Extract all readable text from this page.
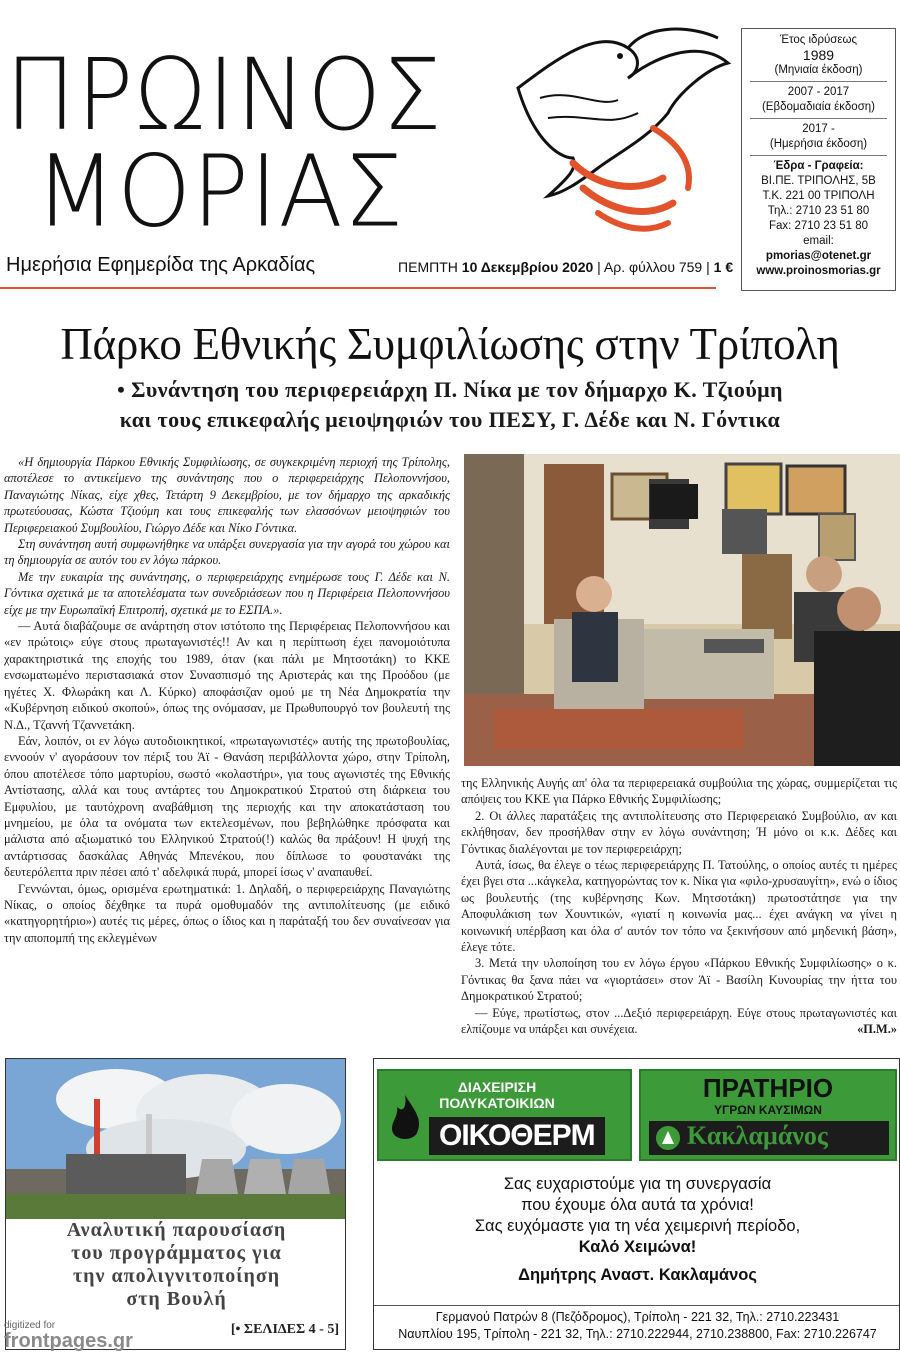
ΠΡΩΙΝΟΣ
ΜΟΡΙΑΣ
Ημερήσια Εφημερίδα της Αρκαδίας	ΠΕΜΠΤΗ 10 Δεκεμβρίου 2020 | Αρ. φύλλου 759 | 1 €
Έτος ιδρύσεως
1989
(Μηνιαία έκδοση)
2007 - 2017
(Εβδομαδιαία έκδοση)
2017 -
(Ημερήσια έκδοση)
Έδρα - Γραφεία:
ΒΙ.ΠΕ. ΤΡΙΠΟΛΗΣ, 5Β
Τ.Κ. 221 00 ΤΡΙΠΟΛΗ
Τηλ.: 2710 23 51 80
Fax: 2710 23 51 80
email:
pmorias@otenet.gr
www.proinosmorias.gr
Πάρκο Εθνικής Συμφιλίωσης στην Τρίπολη
• Συνάντηση του περιφερειάρχη Π. Νίκα με τον δήμαρχο Κ. Τζιούμη
και τους επικεφαλής μειοψηφιών του ΠΕΣΥ, Γ. Δέδε και Ν. Γόντικα

«Η δημιουργία Πάρκου Εθνικής Συμφιλίωσης, σε συγκεκριμένη περιοχή της Τρίπολης, αποτέλεσε το αντικείμενο της συνάντησης που ο περιφερειάρχης Πελοποννήσου, Παναγιώτης Νίκας, είχε χθες, Τετάρτη 9 Δεκεμβρίου, με τον δήμαρχο της αρκαδικής πρωτεύουσας, Κώστα Τζιούμη και τους επικεφαλής των ελασσόνων μειοψηφιών του Περιφερειακού Συμβουλίου, Γιώργο Δέδε και Νίκο Γόντικα.

Στη συνάντηση αυτή συμφωνήθηκε να υπάρξει συνεργασία για την αγορά του χώρου και τη δημιουργία σε αυτόν του εν λόγω πάρκου.

Με την ευκαιρία της συνάντησης, ο περιφερειάρχης ενημέρωσε τους Γ. Δέδε και Ν. Γόντικα σχετικά με τα αποτελέσματα των συνεδριάσεων που η Περιφέρεια Πελοποννήσου είχε με την Ευρωπαϊκή Επιτροπή, σχετικά με το ΕΣΠΑ.».

— Αυτά διαβάζουμε σε ανάρτηση στον ιστότοπο της Περιφέρειας Πελοποννήσου και «εν πρώτοις» εύγε στους πρωταγωνιστές!! Αν και η περίπτωση έχει πανομοιότυπα χαρακτηριστικά της εποχής του 1989, όταν (και πάλι με Μητσοτάκη) το ΚΚΕ ενσωματωμένο περιστασιακά στον Συνασπισμό της Αριστεράς και της Προόδου (με ηγέτες Χ. Φλωράκη και Λ. Κύρκο) αποφάσιζαν ομού με τη Νέα Δημοκρατία την «Κυβέρνηση ειδικού σκοπού», όπως της ονόμασαν, με Πρωθυπουργό τον βουλευτή της Ν.Δ., Τζαννή Τζαννετάκη.

Εάν, λοιπόν, οι εν λόγω αυτοδιοικητικοί, «πρωταγωνιστές» αυτής της πρωτοβουλίας, εννοούν ν' αγοράσουν τον πέριξ του Άϊ - Θανάση περιβάλλοντα χώρο, στην Τρίπολη, όπου αποτέλεσε τόπο μαρτυρίου, σωστό «κολαστήρι», για τους αγωνιστές της Εθνικής Αντίστασης, αλλά και τους αντάρτες του Δημοκρατικού Στρατού στη διάρκεια του Εμφυλίου, με ταυτόχρονη αναβάθμιση της περιοχής και την αποκατάσταση του μνημείου, με όλα τα ονόματα των εκτελεσμένων, που βεβηλώθηκε πρόσφατα και μάλιστα από αξιωματικό του Ελληνικού Στρατού(!) καλώς θα πράξουν! Η ψυχή της αντάρτισσας δασκάλας Αθηνάς Μπενέκου, που δίπλωσε το φουστανάκι της δευτερόλεπτα πριν πέσει από τ' αδελφικά πυρά, μπορεί ίσως ν' αναπαυθεί.

Γεννώνται, όμως, ορισμένα ερωτηματικά: 1. Δηλαδή, ο περιφερειάρχης Παναγιώτης Νίκας, ο οποίος δέχθηκε τα πυρά ομοθυμαδόν της αντιπολίτευσης (με ειδικό «κατηγορητήριο») αυτές τις μέρες, όπως ο ίδιος και η παράταξή του δεν συναίνεσαν για την αποπομπή της εκλεγμένων

της Ελληνικής Αυγής απ' όλα τα περιφερειακά συμβούλια της χώρας, συμμερίζεται τις απόψεις του ΚΚΕ για Πάρκο Εθνικής Συμφιλίωσης;

2. Οι άλλες παρατάξεις της αντιπολίτευσης στο Περιφερειακό Συμβούλιο, αν και εκλήθησαν, δεν προσήλθαν στην εν λόγω συνάντηση; Ή μόνο οι κ.κ. Δέδες και Γόντικας διαλέγονται με τον περιφερειάρχη;

Αυτά, ίσως, θα έλεγε ο τέως περιφερειάρχης Π. Τατούλης, ο οποίος αυτές τι ημέρες έχει βγει στα ...κάγκελα, κατηγορώντας τον κ. Νίκα για «φιλο-χρυσαυγίτη», ενώ ο ίδιος ως βουλευτής (της κυβέρνησης Κων. Μητσοτάκη) πρωτοστάτησε για την Αποφυλάκιση των Χουντικών, «γιατί η κοινωνία μας... έχει ανάγκη να γίνει η κοινωνική υπέρβαση και όλα σ' αυτόν τον τόπο να ξεκινήσουν από μηδενική βάση», έλεγε τότε.

3. Μετά την υλοποίηση του εν λόγω έργου «Πάρκου Εθνικής Συμφιλίωσης» ο κ. Γόντικας θα ξανα πάει να «γιορτάσει» στον Άϊ - Βασίλη Κυνουρίας την ήττα του Δημοκρατικού Στρατού;

— Εύγε, πρωτίστως, στον ...Δεξιό περιφερειάρχη. Εύγε στους πρωταγωνιστές και ελπίζουμε να υπάρξει και συνέχεια.	«Π.Μ.»

Αναλυτική παρουσίαση
του προγράμματος για
την απολιγνιτοποίηση
στη Βουλή
[• ΣΕΛΙΔΕΣ 4 - 5]
digitized for
frontpages.gr
ΔΙΑΧΕΙΡΙΣΗ
ΠΟΛΥΚΑΤΟΙΚΙΩΝ
ΟΙΚΟΘΕΡΜ
ΠΡΑΤΗΡΙΟ
ΥΓΡΩΝ ΚΑΥΣΙΜΩΝ
Κακλαμάνος
Σας ευχαριστούμε για τη συνεργασία
που έχουμε όλα αυτά τα χρόνια!
Σας ευχόμαστε για τη νέα χειμερινή περίοδο,
Καλό Χειμώνα!
Δημήτρης Αναστ. Κακλαμάνος
Γερμανού Πατρών 8 (Πεζόδρομος), Τρίπολη - 221 32, Τηλ.: 2710.223431
Ναυπλίου 195, Τρίπολη - 221 32, Τηλ.: 2710.222944, 2710.238800, Fax: 2710.226747
